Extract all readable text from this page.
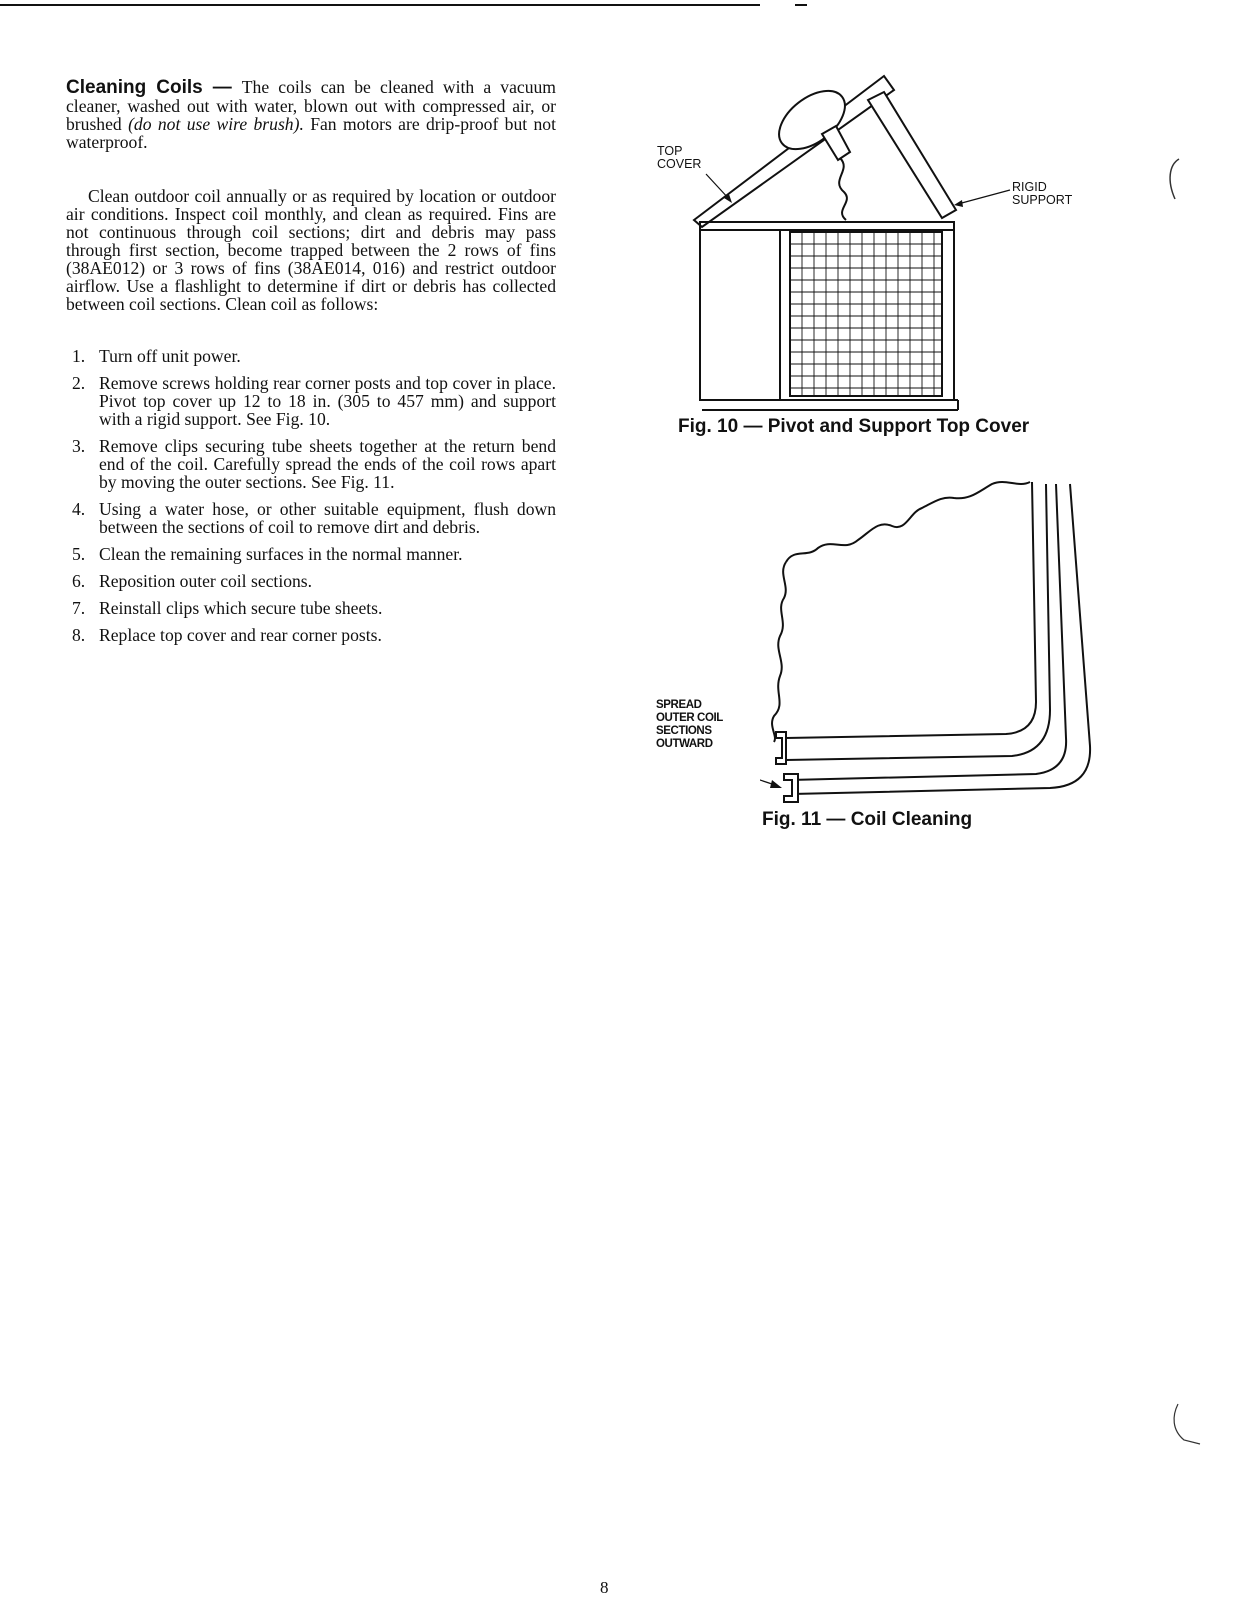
Cleaning Coils — The coils can be cleaned with a vacuum cleaner, washed out with water, blown out with compressed air, or brushed (do not use wire brush). Fan motors are drip-proof but not waterproof.

Clean outdoor coil annually or as required by location or outdoor air conditions. Inspect coil monthly, and clean as required. Fins are not continuous through coil sections; dirt and debris may pass through first section, become trapped between the 2 rows of fins (38AE012) or 3 rows of fins (38AE014, 016) and restrict outdoor airflow. Use a flashlight to determine if dirt or debris has collected between coil sections. Clean coil as follows:

1. Turn off unit power.
2. Remove screws holding rear corner posts and top cover in place. Pivot top cover up 12 to 18 in. (305 to 457 mm) and support with a rigid support. See Fig. 10.
3. Remove clips securing tube sheets together at the return bend end of the coil. Carefully spread the ends of the coil rows apart by moving the outer sections. See Fig. 11.
4. Using a water hose, or other suitable equipment, flush down between the sections of coil to remove dirt and debris.
5. Clean the remaining surfaces in the normal manner.
6. Reposition outer coil sections.
7. Reinstall clips which secure tube sheets.
8. Replace top cover and rear corner posts.
TOP
COVER
RIGID
SUPPORT
Fig. 10 — Pivot and Support Top Cover
SPREAD
OUTER COIL
SECTIONS
OUTWARD
Fig. 11 — Coil Cleaning
8
